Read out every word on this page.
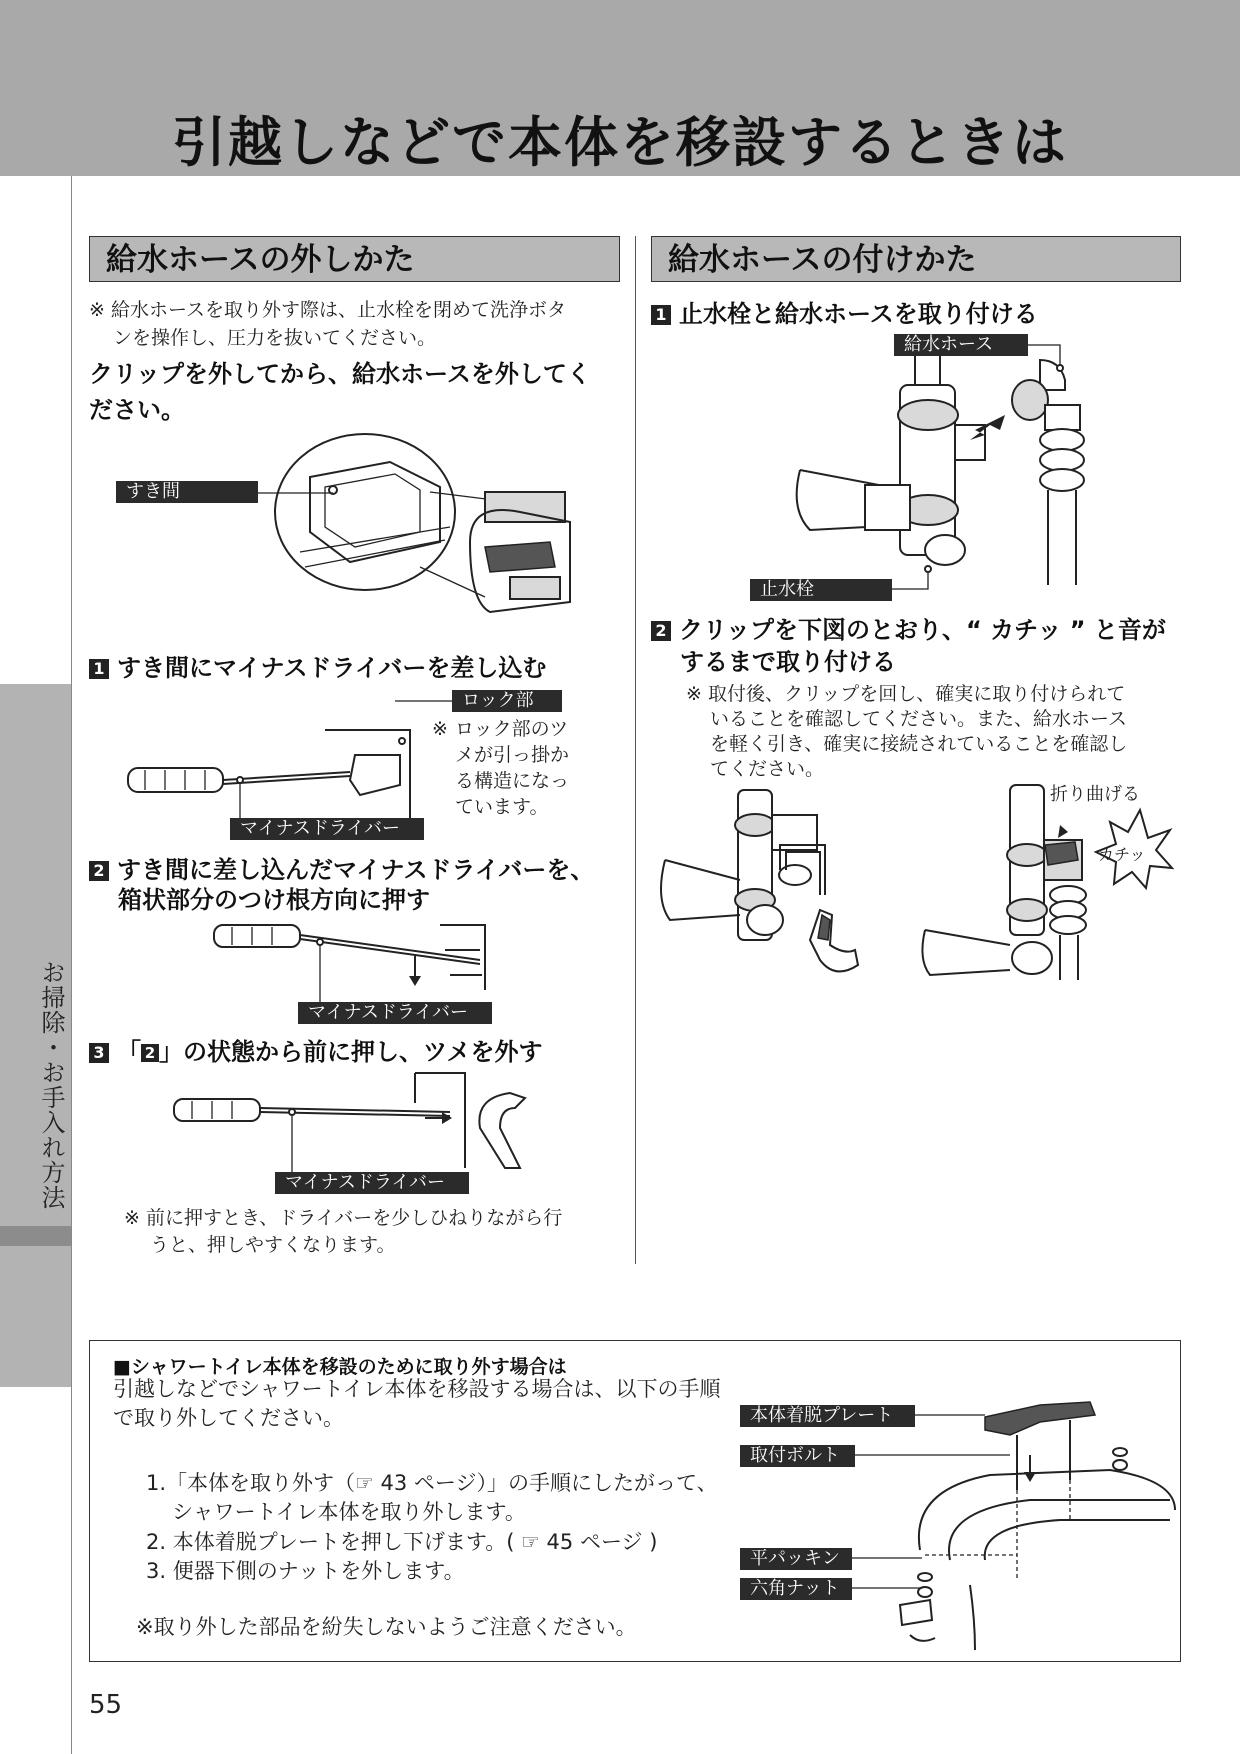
引越しなどで本体を移設するときは
お掃除・お手入れ方法
給水ホースの外しかた
※ 給水ホースを取り外す際は、止水栓を閉めて洗浄ボタ
ンを操作し、圧力を抜いてください。
クリップを外してから、給水ホースを外してく
ださい。
すき間
1 すき間にマイナスドライバーを差し込む
ロック部
※ ロック部のツ
メが引っ掛か
る構造になっ
ています。
マイナスドライバー
2 すき間に差し込んだマイナスドライバーを、
箱状部分のつけ根方向に押す
マイナスドライバー
3 「 2 」の状態から前に押し、ツメを外す
マイナスドライバー
※ 前に押すとき、ドライバーを少しひねりながら行
うと、押しやすくなります。
給水ホースの付けかた
1 止水栓と給水ホースを取り付ける
給水ホース
止水栓
2 クリップを下図のとおり、“ カチッ ” と音が
するまで取り付ける
※ 取付後、クリップを回し、確実に取り付けられて
いることを確認してください。また、給水ホース
を軽く引き、確実に接続されていることを確認し
てください。
折り曲げる
カチッ
■シャワートイレ本体を移設のために取り外す場合は
引越しなどでシャワートイレ本体を移設する場合は、以下の手順
で取り外してください。
1.「本体を取り外す（☞ 43 ページ）」の手順にしたがって、
シャワートイレ本体を取り外します。
2. 本体着脱プレートを押し下げます。( ☞ 45 ページ )
3. 便器下側のナットを外します。
※取り外した部品を紛失しないようご注意ください。
本体着脱プレート
取付ボルト
平パッキン
六角ナット
55
